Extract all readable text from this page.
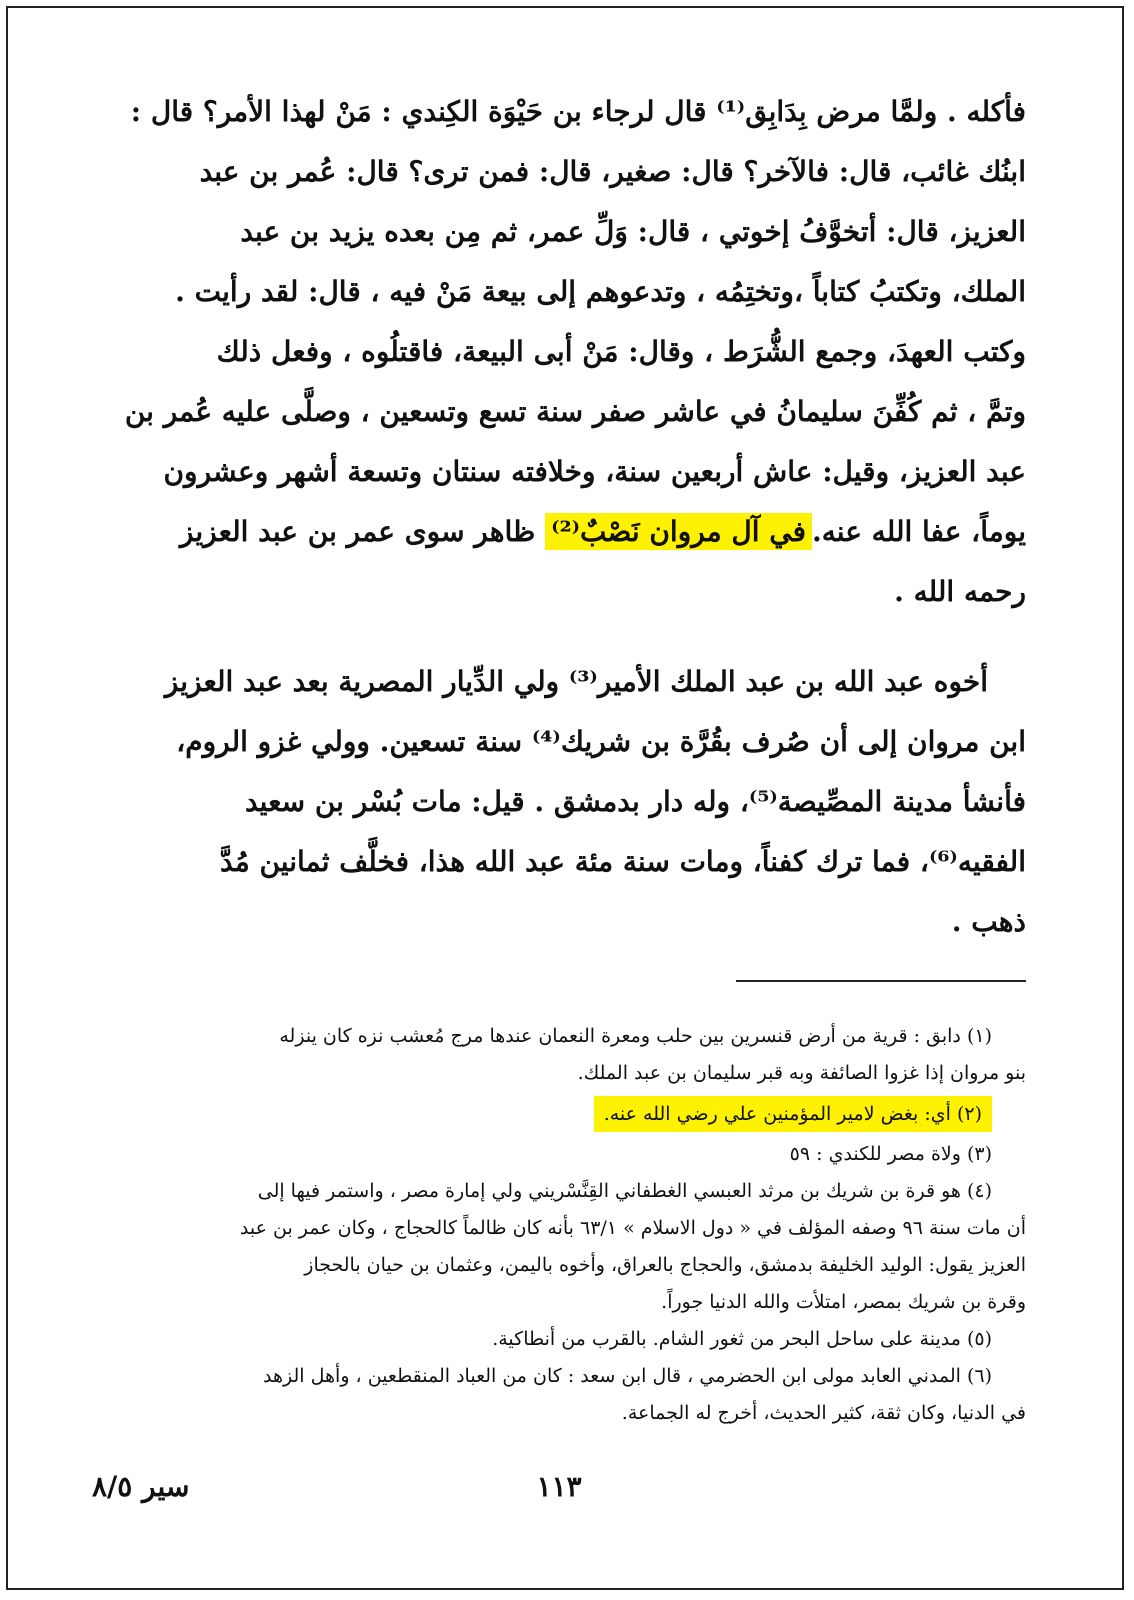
فأكله . ولمَّا مرض بِدَابِق⁽¹⁾ قال لرجاء بن حَيْوَة الكِندي : مَنْ لهذا الأمر؟ قال :
ابنُك غائب، قال: فالآخر؟ قال: صغير، قال: فمن ترى؟ قال: عُمر بن عبد
العزيز، قال: أتخوَّفُ إخوتي ، قال: وَلِّ عمر، ثم مِن بعده يزيد بن عبد
الملك، وتكتبُ كتاباً ،وتختِمُه ، وتدعوهم إلى بيعة مَنْ فيه ، قال: لقد رأيت .
وكتب العهدَ، وجمع الشُّرَط ، وقال: مَنْ أبى البيعة، فاقتلُوه ، وفعل ذلك
وتمَّ ، ثم كُفِّنَ سليمانُ في عاشر صفر سنة تسع وتسعين ، وصلَّى عليه عُمر بن
عبد العزيز، وقيل: عاش أربعين سنة، وخلافته سنتان وتسعة أشهر وعشرون
يوماً، عفا الله عنه.في آل مروان نَصْبٌ⁽²⁾ ظاهر سوى عمر بن عبد العزيز
رحمه الله .
أخوه عبد الله بن عبد الملك الأمير⁽³⁾ ولي الدِّيار المصرية بعد عبد العزيز
ابن مروان إلى أن صُرف بقُرَّة بن شريك⁽⁴⁾ سنة تسعين. وولي غزو الروم،
فأنشأ مدينة المصِّيصة⁽⁵⁾، وله دار بدمشق . قيل: مات بُسْر بن سعيد
الفقيه⁽⁶⁾، فما ترك كفناً، ومات سنة مئة عبد الله هذا، فخلَّف ثمانين مُدَّ
ذهب .
(١) دابق : قرية من أرض قنسرين بين حلب ومعرة النعمان عندها مرج مُعشب نزه كان ينزله
بنو مروان إذا غزوا الصائفة وبه قبر سليمان بن عبد الملك.
(٢) أي: بغض لامير المؤمنين علي رضي الله عنه.
(٣) ولاة مصر للكندي : ٥٩
(٤) هو قرة بن شريك بن مرثد العبسي الغطفاني القِنَّسْريني ولي إمارة مصر ، واستمر فيها إلى
أن مات سنة ٩٦ وصفه المؤلف في « دول الاسلام » ٦٣/١ بأنه كان ظالماً كالحجاج ، وكان عمر بن عبد
العزيز يقول: الوليد الخليفة بدمشق، والحجاج بالعراق، وأخوه باليمن، وعثمان بن حيان بالحجاز
وقرة بن شريك بمصر، امتلأت والله الدنيا جوراً.
(٥) مدينة على ساحل البحر من ثغور الشام. بالقرب من أنطاكية.
(٦) المدني العابد مولى ابن الحضرمي ، قال ابن سعد : كان من العباد المنقطعين ، وأهل الزهد
في الدنيا، وكان ثقة، كثير الحديث، أخرج له الجماعة.
١١٣
سير ٨/٥
